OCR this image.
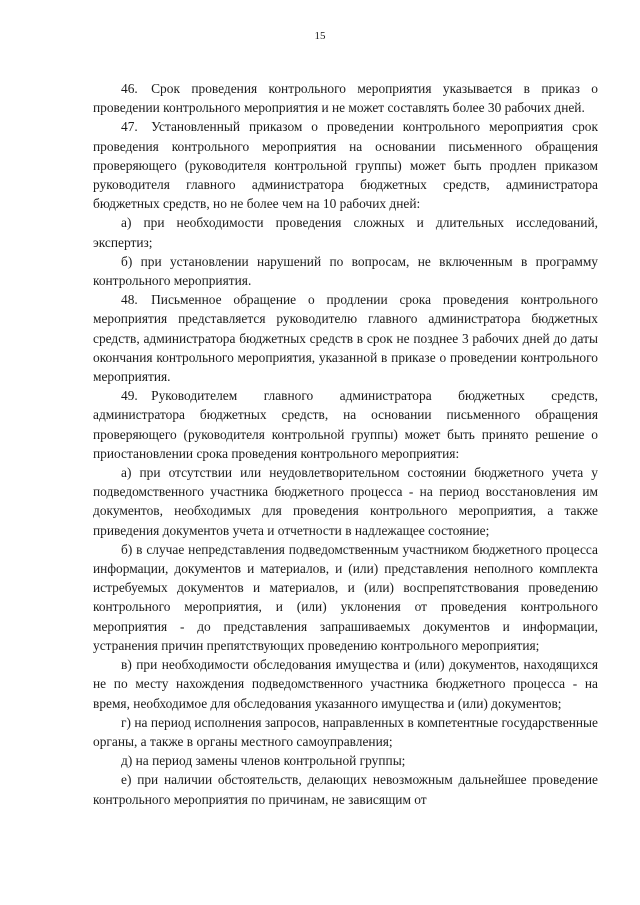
15

46. Срок проведения контрольного мероприятия указывается в приказ о проведении контрольного мероприятия и не может составлять более 30 рабочих дней.

47. Установленный приказом о проведении контрольного мероприятия срок проведения контрольного мероприятия на основании письменного обращения проверяющего (руководителя контрольной группы) может быть продлен приказом руководителя главного администратора бюджетных средств, администратора бюджетных средств, но не более чем на 10 рабочих дней:

а) при необходимости проведения сложных и длительных исследований, экспертиз;

б) при установлении нарушений по вопросам, не включенным в программу контрольного мероприятия.

48. Письменное обращение о продлении срока проведения контрольного мероприятия представляется руководителю главного администратора бюджетных средств, администратора бюджетных средств в срок не позднее 3 рабочих дней до даты окончания контрольного мероприятия, указанной в приказе о проведении контрольного мероприятия.

49. Руководителем главного администратора бюджетных средств, администратора бюджетных средств, на основании письменного обращения проверяющего (руководителя контрольной группы) может быть принято решение о приостановлении срока проведения контрольного мероприятия:

а) при отсутствии или неудовлетворительном состоянии бюджетного учета у подведомственного участника бюджетного процесса - на период восстановления им документов, необходимых для проведения контрольного мероприятия, а также приведения документов учета и отчетности в надлежащее состояние;

б) в случае непредставления подведомственным участником бюджетного процесса информации, документов и материалов, и (или) представления неполного комплекта истребуемых документов и материалов, и (или) воспрепятствования проведению контрольного мероприятия, и (или) уклонения от проведения контрольного мероприятия - до представления запрашиваемых документов и информации, устранения причин препятствующих проведению контрольного мероприятия;

в) при необходимости обследования имущества и (или) документов, находящихся не по месту нахождения подведомственного участника бюджетного процесса - на время, необходимое для обследования указанного имущества и (или) документов;

г) на период исполнения запросов, направленных в компетентные государственные органы, а также в органы местного самоуправления;

д) на период замены членов контрольной группы;

е) при наличии обстоятельств, делающих невозможным дальнейшее проведение контрольного мероприятия по причинам, не зависящим от
